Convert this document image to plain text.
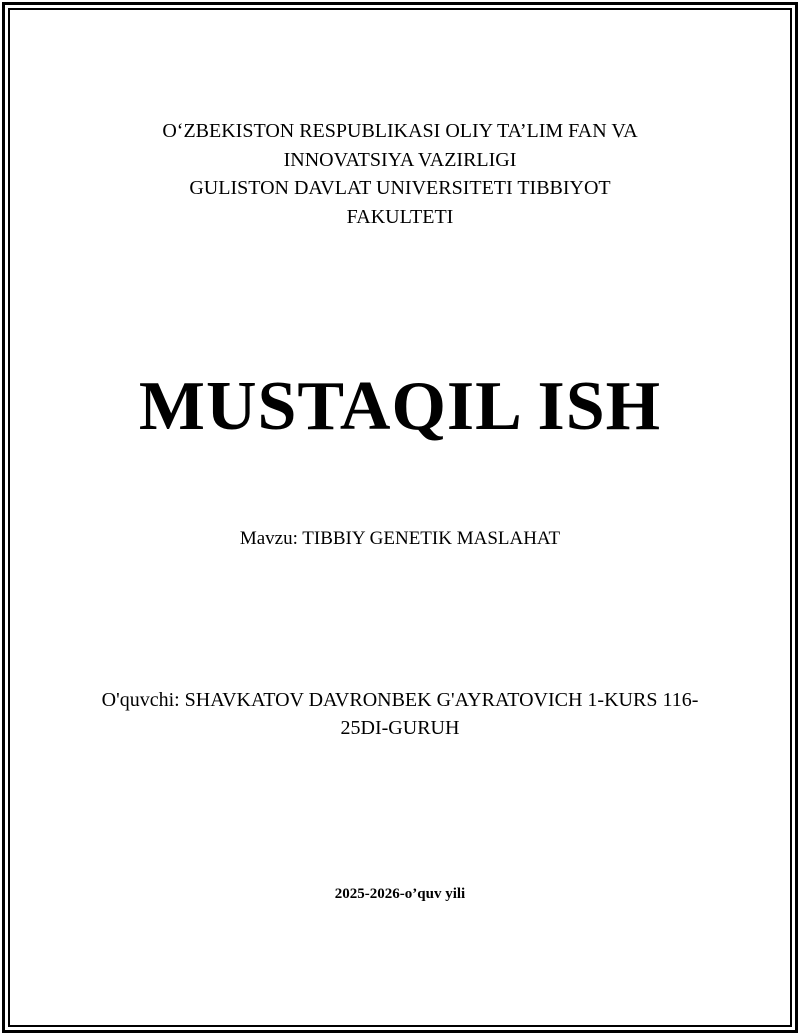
OʻZBEKISTON RESPUBLIKASI OLIY TA’LIM FAN VA
INNOVATSIYA VAZIRLIGI
GULISTON DAVLAT UNIVERSITETI TIBBIYOT
FAKULTETI
MUSTAQIL ISH
Mavzu: TIBBIY GENETIK MASLAHAT
O'quvchi: SHAVKATOV DAVRONBEK G'AYRATOVICH 1-KURS 116-
25DI-GURUH
2025-2026-o’quv yili
